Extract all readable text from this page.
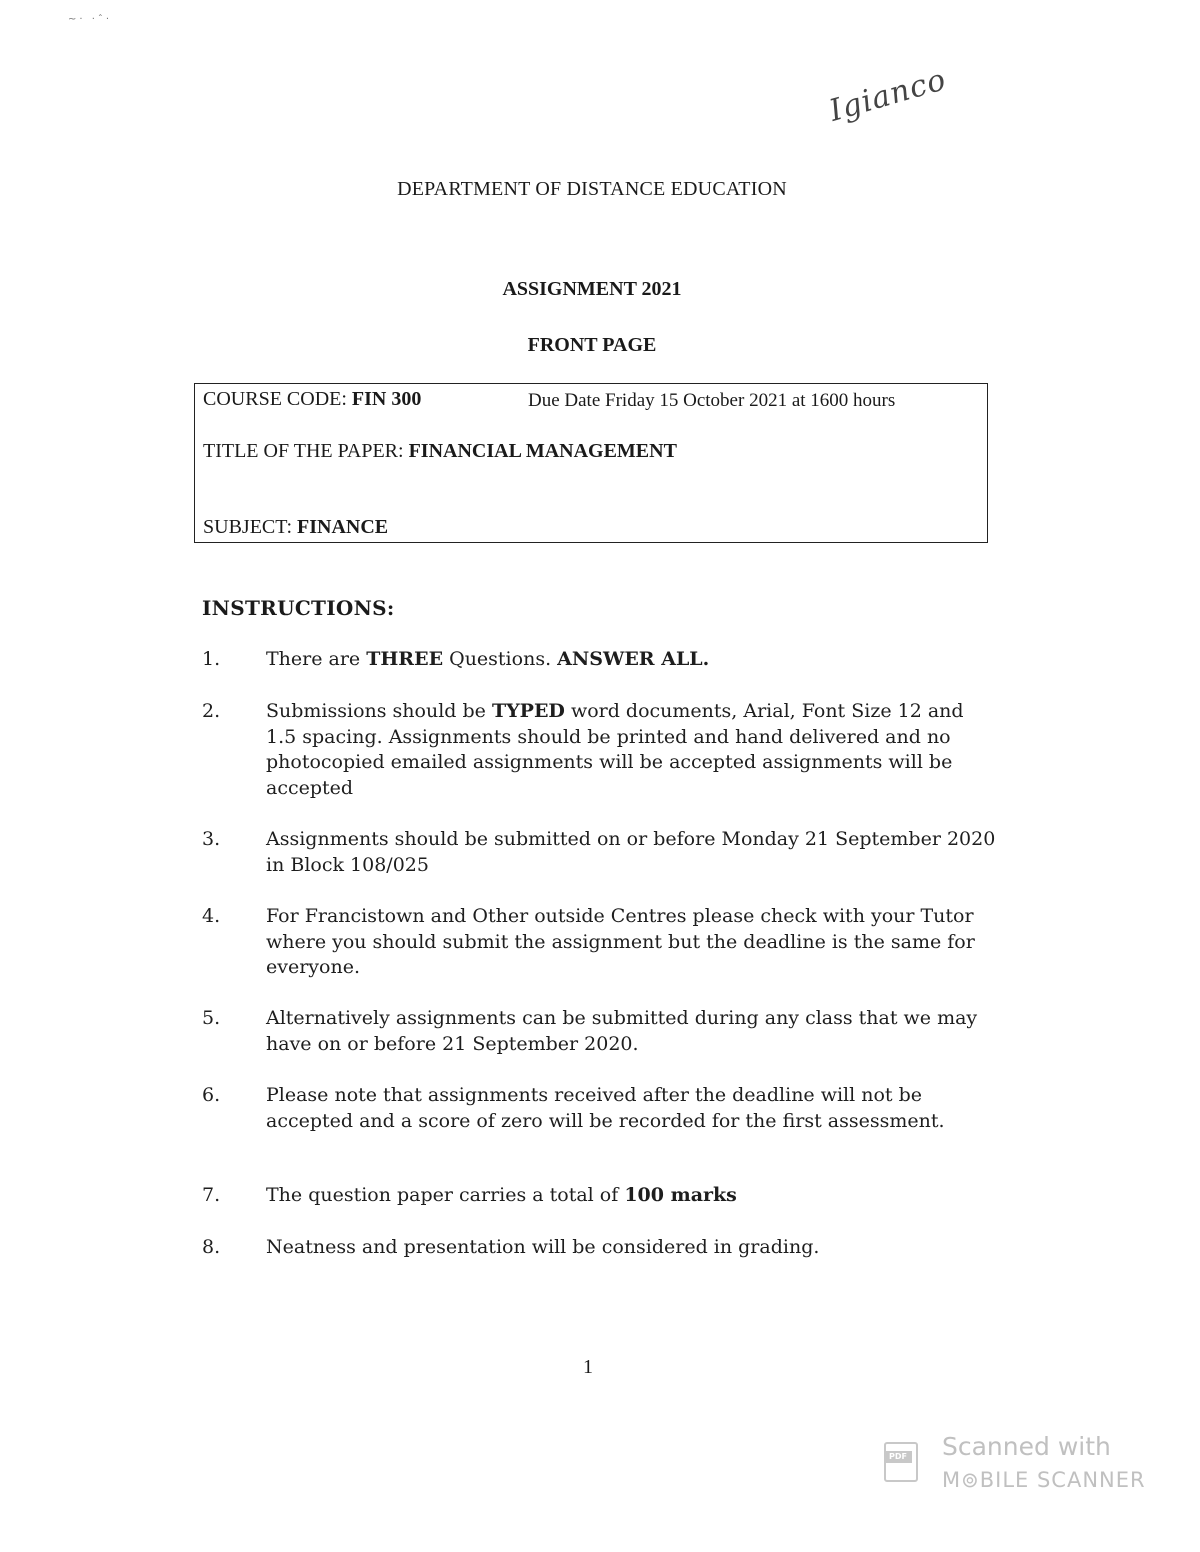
~· ·ˆ·
Igianco
DEPARTMENT OF DISTANCE EDUCATION
ASSIGNMENT 2021
FRONT PAGE
COURSE CODE: FIN 300	Due Date Friday 15 October 2021 at 1600 hours
TITLE OF THE PAPER: FINANCIAL MANAGEMENT
SUBJECT: FINANCE
INSTRUCTIONS:
1.	There are THREE Questions. ANSWER ALL.
2.	Submissions should be TYPED word documents, Arial, Font Size 12 and 1.5 spacing. Assignments should be printed and hand delivered and no photocopied emailed assignments will be accepted assignments will be accepted
3.	Assignments should be submitted on or before Monday 21 September 2020 in Block 108/025
4.	For Francistown and Other outside Centres please check with your Tutor where you should submit the assignment but the deadline is the same for everyone.
5.	Alternatively assignments can be submitted during any class that we may have on or before 21 September 2020.
6.	Please note that assignments received after the deadline will not be accepted and a score of zero will be recorded for the first assessment.
7.	The question paper carries a total of 100 marks
8.	Neatness and presentation will be considered in grading.
1
PDF Scanned with
M⊚BILE SCANNER
